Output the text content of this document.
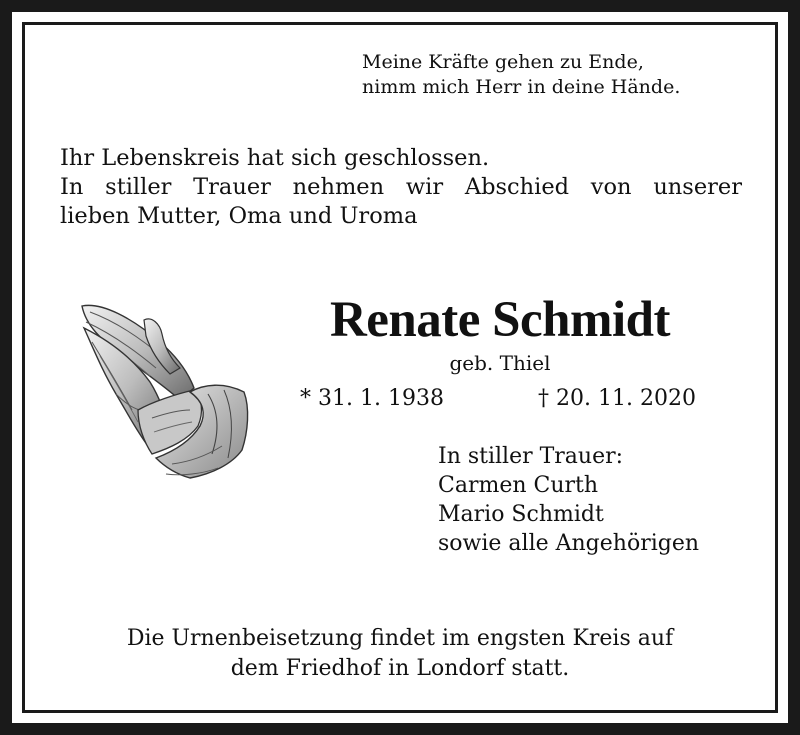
Meine Kräfte gehen zu Ende,
nimm mich Herr in deine Hände.
Ihr Lebenskreis hat sich geschlossen.
In stiller Trauer nehmen wir Abschied von unserer
lieben Mutter, Oma und Uroma
Renate Schmidt
geb. Thiel
* 31. 1. 1938	† 20. 11. 2020
In stiller Trauer:
Carmen Curth
Mario Schmidt
sowie alle Angehörigen
Die Urnenbeisetzung findet im engsten Kreis auf
dem Friedhof in Londorf statt.
